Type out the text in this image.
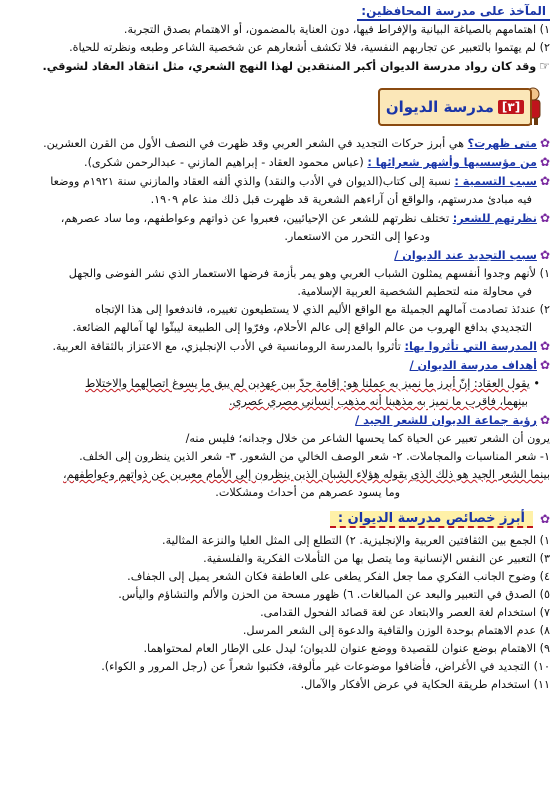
المآخذ على مدرسة المحافظين:
١) اهتمامهم بالصياغة البيانية والإفراط فيها، دون العناية بالمضمون، أو الاهتمام بصدق التجربة.
٢) لم يهتموا بالتعبير عن تجاربهم النفسية، فلا تكشف أشعارهم عن شخصية الشاعر وطبعه ونظرته للحياة.
☞وقد كان رواد مدرسة الديوان أكبر المنتقدين لهذا النهج الشعري، مثل انتقاد العقاد لشوقي.
[٣]
مدرسة الديوان
✿متى ظهرت؟ هي أبرز حركات التجديد في الشعر العربي وقد ظهرت في النصف الأول من القرن العشرين.
✿من مؤسسيها وأشهر شعرائها : (عباس محمود العقاد - إبراهيم المازني - عبدالرحمن شكرى).
✿سبب التسمية : نسبة إلى كتاب(الديوان في الأدب والنقد) والذي ألفه العقاد والمازني سنة ١٩٢١م ووضعا
فيه مبادئ مدرستهم، والواقع أن آراءهم الشعرية قد ظهرت قبل ذلك منذ عام ١٩٠٩.
✿نظرتهم للشعر: تختلف نظرتهم للشعر عن الإحيائيين، فعبروا عن ذواتهم وعواطفهم، وما ساد عصرهم،
ودعوا إلى التحرر من الاستعمار.
✿سبب التجديد عند الديوان /
١) لأنهم وجدوا أنفسهم يمثلون الشباب العربي وهو يمر بأزمة فرضها الاستعمار الذي نشر الفوضى والجهل
في محاولة منه لتحطيم الشخصية العربية الإسلامية.
٢) عندئذ تصادمت آمالهم الجميلة مع الواقع الأليم الذي لا يستطيعون تغييره، فاندفعوا إلى هذا الإتجاه
التجديدي بدافع الهروب من عالم الواقع إلى عالم الأحلام، وفرّوا إلى الطبيعة ليبثّوا لها آمالهم الضائعة.
✿المدرسة التي تأثروا بها: تأثروا بالمدرسة الرومانسية في الأدب الإنجليزي، مع الاعتزاز بالثقافة العربية.
✿أهداف مدرسة الديوان /
• يقول العقاد: إنّ أبرز ما نميز به عملنا هو: إقامة حدّ بين عهدين لم يبق ما يسوغ اتصالهما والاختلاط
بينهما، فاقرب ما نميز به مذهبنا أنه مذهب إنساني مصري عصري.
✿رؤية جماعة الديوان للشعر الجيد /
يرون أن الشعر تعبير عن الحياة كما يحسها الشاعر من خلال وجدانه؛ فليس منه/
١- شعر المناسبات والمجاملات. ٢- شعر الوصف الخالي من الشعور. ٣- شعر الذين ينظرون إلى الخلف.
بينما الشعر الجيد هو ذلك الذي يقوله هؤلاء الشبان الذين ينظرون إلى الأمام معبرين عن ذواتهم وعواطفهم،
وما يسود عصرهم من أحداث ومشكلات.
✿
أبرز خصائص مدرسة الديوان :
١) الجمع بين الثقافتين العربية والإنجليزية. ٢) التطلع إلى المثل العليا والنزعة المثالية.
٣) التعبير عن النفس الإنسانية وما يتصل بها من التأملات الفكرية والفلسفية.
٤) وضوح الجانب الفكري مما جعل الفكر يطغى على العاطفة فكان الشعر يميل إلى الجفاف.
٥) الصدق في التعبير والبعد عن المبالغات. ٦) ظهور مسحة من الحزن والألم والتشاؤم واليأس.
٧) استخدام لغة العصر والابتعاد عن لغة قصائد الفحول القدامى.
٨) عدم الاهتمام بوحدة الوزن والقافية والدعوة إلى الشعر المرسل.
٩) الاهتمام بوضع عنوان للقصيدة ووضع عنوان للديوان؛ ليدل على الإطار العام لمحتواهما.
١٠) التجديد في الأغراض، فأضافوا موضوعات غير مألوفة، فكتبوا شعراً عن (رجل المرور و الكواء).
١١) استخدام طريقة الحكاية في عرض الأفكار والآمال.
